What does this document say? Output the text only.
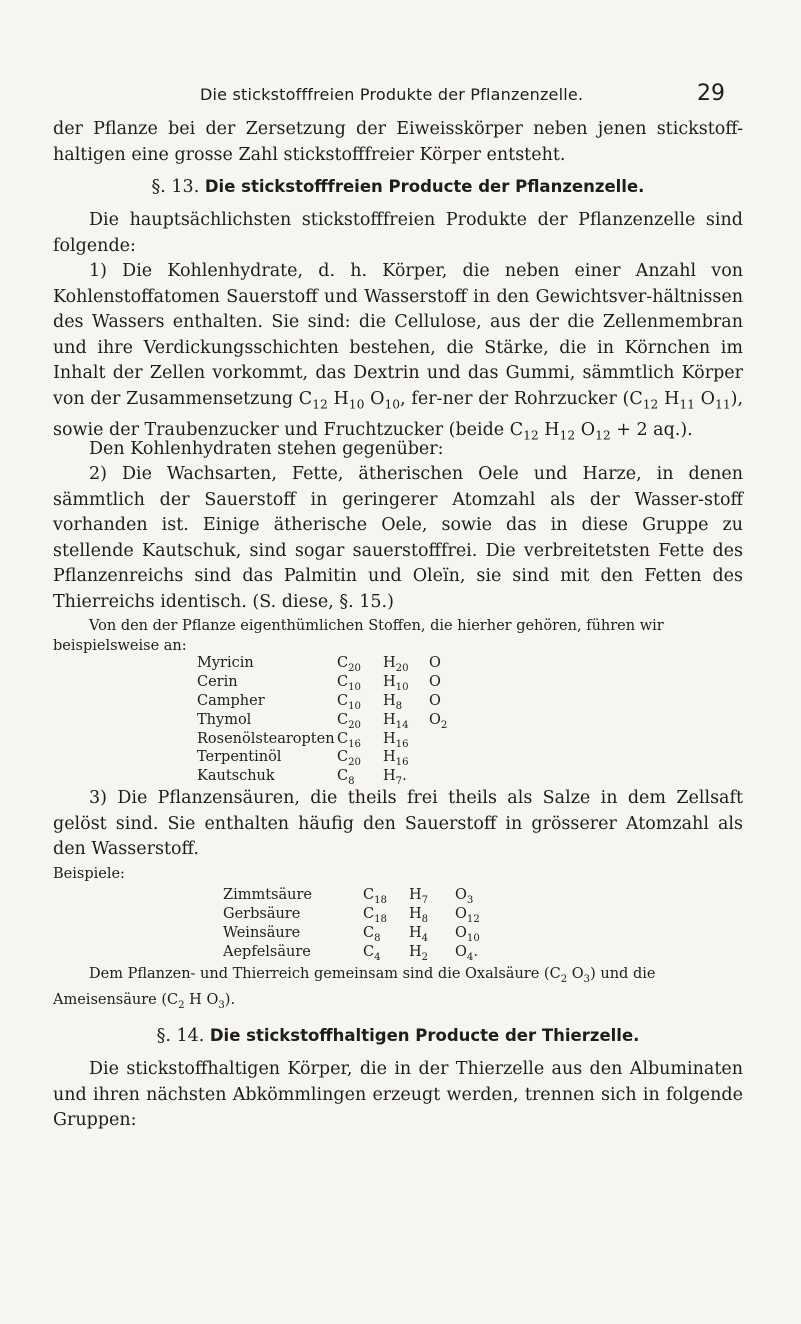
Die stickstofffreien Produkte der Pflanzenzelle.	29

der Pflanze bei der Zersetzung der Eiweisskörper neben jenen stickstoff-haltigen eine grosse Zahl stickstofffreier Körper entsteht.

§. 13. Die stickstofffreien Producte der Pflanzenzelle.

Die hauptsächlichsten stickstofffreien Produkte der Pflanzenzelle sind folgende:

1) Die Kohlenhydrate, d. h. Körper, die neben einer Anzahl von Kohlenstoffatomen Sauerstoff und Wasserstoff in den Gewichtsver-hältnissen des Wassers enthalten. Sie sind: die Cellulose, aus der die Zellenmembran und ihre Verdickungsschichten bestehen, die Stärke, die in Körnchen im Inhalt der Zellen vorkommt, das Dextrin und das Gummi, sämmtlich Körper von der Zusammensetzung $C_{12}$ $H_{10}$ $O_{10}$, fer-ner der Rohrzucker ($C_{12}$ $H_{11}$ $O_{11}$), sowie der Traubenzucker und Fruchtzucker (beide $C_{12}$ $H_{12}$ $O_{12} + 2$ aq.).

Den Kohlenhydraten stehen gegenüber:

2) Die Wachsarten, Fette, ätherischen Oele und Harze, in denen sämmtlich der Sauerstoff in geringerer Atomzahl als der Wasser-stoff vorhanden ist. Einige ätherische Oele, sowie das in diese Gruppe zu stellende Kautschuk, sind sogar sauerstofffrei. Die verbreitetsten Fette des Pflanzenreichs sind das Palmitin und Oleïn, sie sind mit den Fetten des Thierreichs identisch. (S. diese, §. 15.)

Von den der Pflanze eigenthümlichen Stoffen, die hierher gehören, führen wir beispielsweise an:

Myricin	$C_{20}$	$H_{20}$	O
Cerin	$C_{10}$	$H_{10}$	O
Campher	$C_{10}$	$H_8$	O
Thymol	$C_{20}$	$H_{14}$	$O_2$
Rosenölstearopten	$C_{16}$	$H_{16}$	
Terpentinöl	$C_{20}$	$H_{16}$	
Kautschuk	$C_8$	$H_7$.	

3) Die Pflanzensäuren, die theils frei theils als Salze in dem Zellsaft gelöst sind. Sie enthalten häufig den Sauerstoff in grösserer Atomzahl als den Wasserstoff.

Beispiele:

Zimmtsäure	$C_{18}$	$H_7$	$O_3$
Gerbsäure	$C_{18}$	$H_8$	$O_{12}$
Weinsäure	$C_8$	$H_4$	$O_{10}$
Aepfelsäure	$C_4$	$H_2$	$O_4$.

Dem Pflanzen- und Thierreich gemeinsam sind die Oxalsäure ($C_2$ $O_3$) und die Ameisensäure ($C_2$ H $O_3$).

§. 14. Die stickstoffhaltigen Producte der Thierzelle.

Die stickstoffhaltigen Körper, die in der Thierzelle aus den Albuminaten und ihren nächsten Abkömmlingen erzeugt werden, trennen sich in folgende Gruppen:
